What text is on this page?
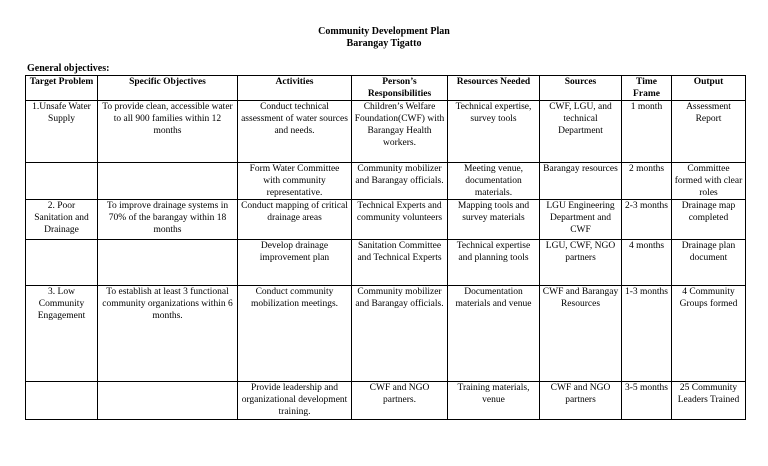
Community Development Plan
Barangay Tigatto
General objectives:
Target Problem	Specific Objectives	Activities	Person’s Responsibilities	Resources Needed	Sources	Time Frame	Output
1.Unsafe Water Supply	To provide clean, accessible water to all 900 families within 12 months	Conduct technical assessment of water sources and needs.	Children’s Welfare Foundation(CWF) with Barangay Health workers.	Technical expertise, survey tools	CWF, LGU, and technical Department	1 month	Assessment Report
		Form Water Committee with community representative.	Community mobilizer and Barangay officials.	Meeting venue, documentation materials.	Barangay resources	2 months	Committee formed with clear roles
2. Poor Sanitation and Drainage	To improve drainage systems in 70% of the barangay within 18 months	Conduct mapping of critical drainage areas	Technical Experts and community volunteers	Mapping tools and survey materials	LGU Engineering Department and CWF	2-3 months	Drainage map completed
		Develop drainage improvement plan	Sanitation Committee and Technical Experts	Technical expertise and planning tools	LGU, CWF, NGO partners	4 months	Drainage plan document
3. Low Community Engagement	To establish at least 3 functional community organizations within 6 months.	Conduct community mobilization meetings.	Community mobilizer and Barangay officials.	Documentation materials and venue	CWF and Barangay Resources	1-3 months	4 Community Groups formed
		Provide leadership and organizational development training.	CWF and NGO partners.	Training materials, venue	CWF and NGO partners	3-5 months	25 Community Leaders Trained
